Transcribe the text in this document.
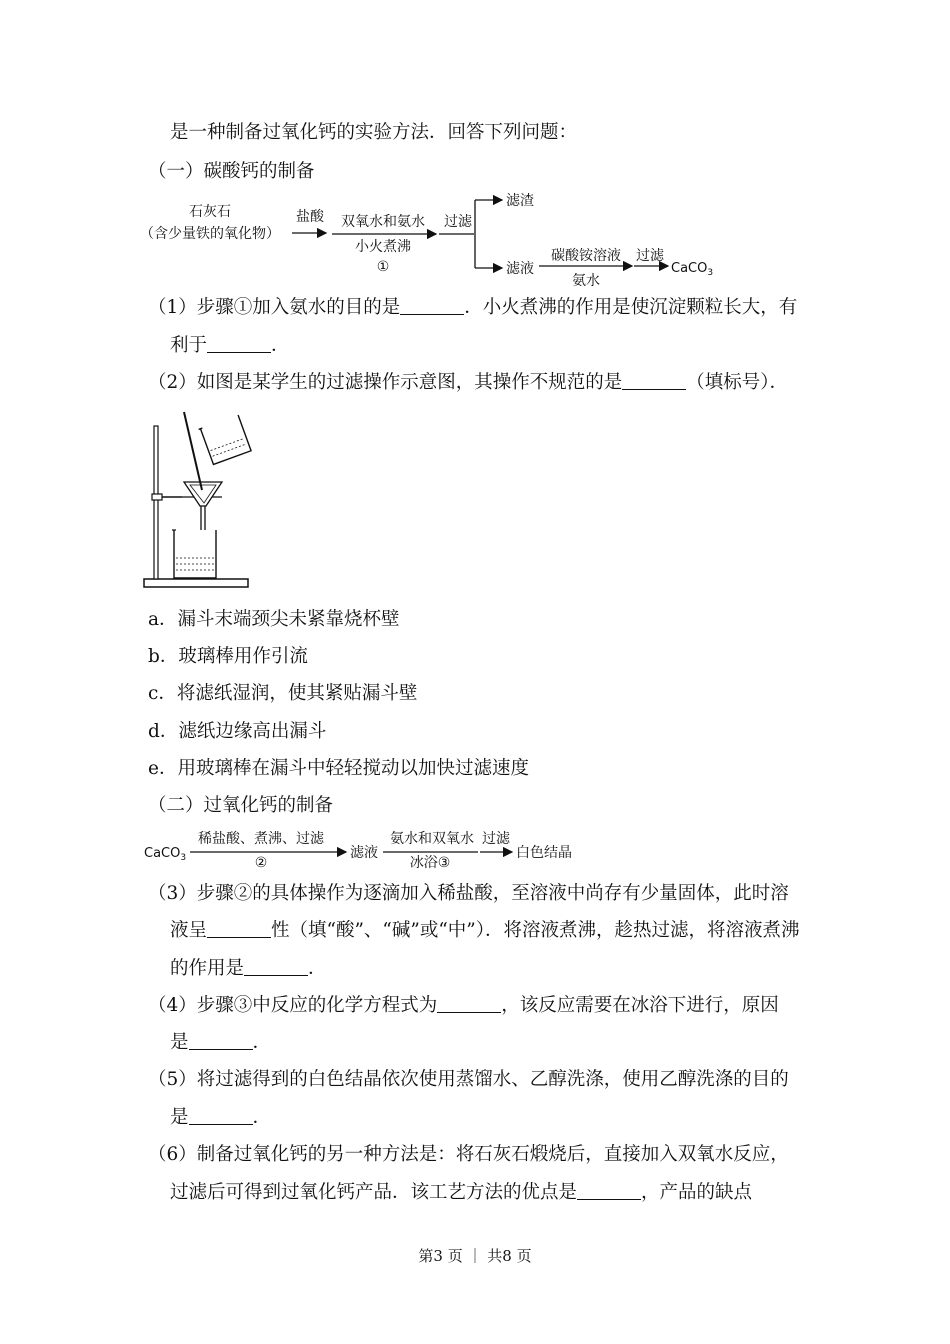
是一种制备过氧化钙的实验方法．回答下列问题：
（一）碳酸钙的制备
石灰石
（含少量铁的氧化物）
盐酸 双氧水和氨水
小火煮沸
①
过滤
滤渣
滤液
碳酸铵溶液
氨水
过滤
CaCO$_3$
（1）步骤①加入氨水的目的是	．小火煮沸的作用是使沉淀颗粒长大，有
利于	．
（2）如图是某学生的过滤操作示意图，其操作不规范的是	（填标号）．
a．漏斗末端颈尖未紧靠烧杯壁
b．玻璃棒用作引流
c．将滤纸湿润，使其紧贴漏斗壁
d．滤纸边缘高出漏斗
e．用玻璃棒在漏斗中轻轻搅动以加快过滤速度
（二）过氧化钙的制备
CaCO$_3$
稀盐酸、煮沸、过滤
②
滤液
氨水和双氧水
冰浴③
过滤
白色结晶
（3）步骤②的具体操作为逐滴加入稀盐酸，至溶液中尚存有少量固体，此时溶
液呈	性（填“酸”、“碱”或“中”）．将溶液煮沸，趁热过滤，将溶液煮沸
的作用是	．
（4）步骤③中反应的化学方程式为	，该反应需要在冰浴下进行，原因
是	．
（5）将过滤得到的白色结晶依次使用蒸馏水、乙醇洗涤，使用乙醇洗涤的目的
是	．
（6）制备过氧化钙的另一种方法是：将石灰石煅烧后，直接加入双氧水反应，
过滤后可得到过氧化钙产品．该工艺方法的优点是	，产品的缺点
第3 页 ｜ 共8 页
